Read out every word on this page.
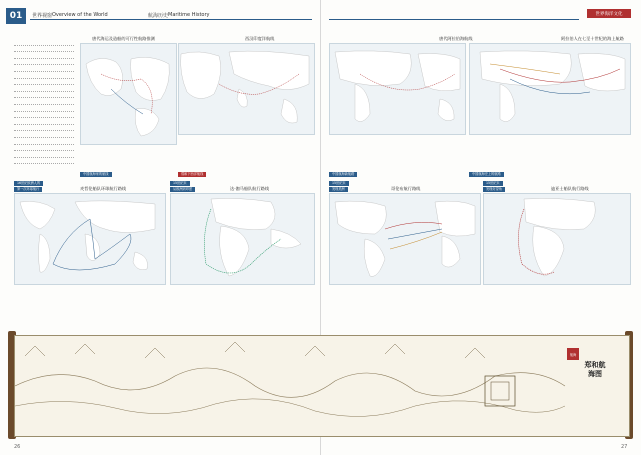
01	世界视窗 Overview of the World	航海历史 Maritime History
唐代海运及造船的可行性航路推测	西汉印度洋航线
中国航海家的航线	郑和下西洋航线
16世纪欧洲人的
第一次环球航行	麦哲伦船队环球航行路线
15世纪末
从欧洲到印度	达·伽马船队航行路线
26
世界海洋文化
唐代阿拉伯海航线	阿拉伯人在七至十世纪的海上航路
中国航海新航路	中国航海史上的航路
15世纪末
发现美洲	哥伦布航行路线
15世纪末
发现好望角	迪亚士船队航行路线
27
航海
郑和航海图
